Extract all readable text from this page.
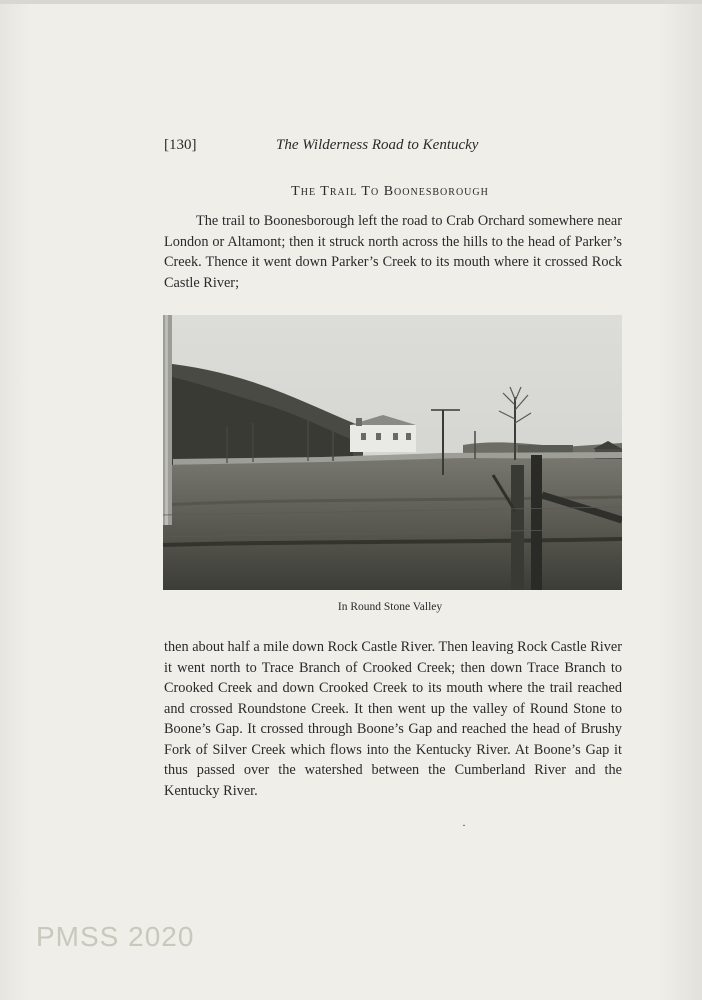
[130]	The Wilderness Road to Kentucky
The Trail To Boonesborough
The trail to Boonesborough left the road to Crab Orchard somewhere near London or Altamont; then it struck north across the hills to the head of Parker’s Creek. Thence it went down Parker’s Creek to its mouth where it crossed Rock Castle River;
In Round Stone Valley
then about half a mile down Rock Castle River. Then leaving Rock Castle River it went north to Trace Branch of Crooked Creek; then down Trace Branch to Crooked Creek and down Crooked Creek to its mouth where the trail reached and crossed Roundstone Creek. It then went up the valley of Round Stone to Boone’s Gap. It crossed through Boone’s Gap and reached the head of Brushy Fork of Silver Creek which flows into the Kentucky River. At Boone’s Gap it thus passed over the watershed between the Cumberland River and the Kentucky River.
·
PMSS 2020
